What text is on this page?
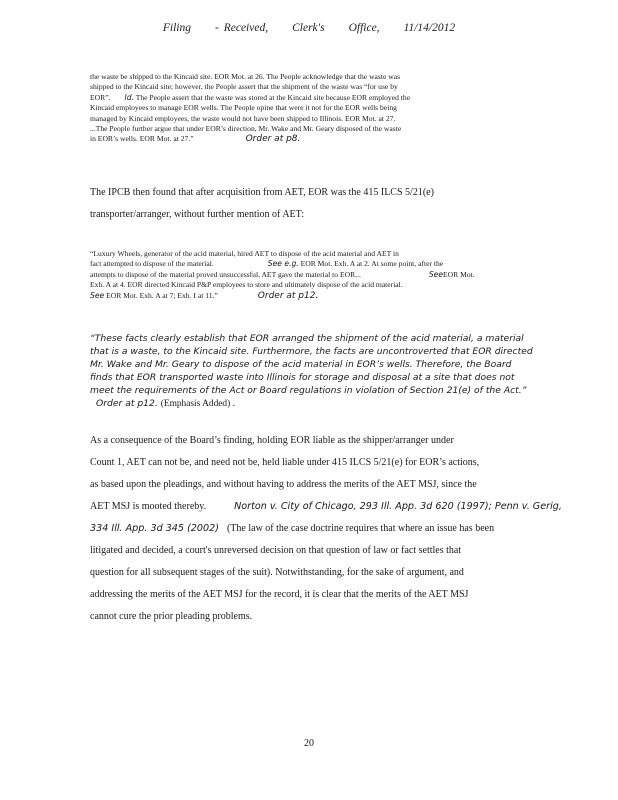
Filing - Received, Clerk's Office, 11/14/2012
the waste be shipped to the Kincaid site. EOR Mot. at 26. The People acknowledge that the waste was
shipped to the Kincaid site; however, the People assert that the shipment of the waste was “for use by
EOR”. Id. The People assert that the waste was stored at the Kincaid site because EOR employed the
Kincaid employees to manage EOR wells. The People opine that were it not for the EOR wells being
managed by Kincaid employees, the waste would not have been shipped to Illinois. EOR Mot. at 27.
...The People further argue that under EOR’s direction, Mr. Wake and Mr. Geary disposed of the waste
in EOR’s wells. EOR Mot. at 27.”	Order at p8.
The IPCB then found that after acquisition from AET, EOR was the 415 ILCS 5/21(e)
transporter/arranger, without further mention of AET:
“Luxury Wheels, generator of the acid material, hired AET to dispose of the acid material and AET in
fact attempted to dispose of the material.	See e.g. EOR Mot. Exh. A at 2. At some point, after the
attempts to dispose of the material proved unsuccessful, AET gave the material to EOR...	SeeEOR Mot.
Exh. A at 4. EOR directed Kincaid P&P employees to store and ultimately dispose of the acid material.
See EOR Mot. Exh. A at 7; Exh. I at 11.”	Order at p12.
“These facts clearly establish that EOR arranged the shipment of the acid material, a material
that is a waste, to the Kincaid site. Furthermore, the facts are uncontroverted that EOR directed
Mr. Wake and Mr. Geary to dispose of the acid material in EOR’s wells. Therefore, the Board
finds that EOR transported waste into Illinois for storage and disposal at a site that does not
meet the requirements of the Act or Board regulations in violation of Section 21(e) of the Act.”
Order at p12. (Emphasis Added) .
As a consequence of the Board’s finding, holding EOR liable as the shipper/arranger under
Count 1, AET can not be, and need not be, held liable under 415 ILCS 5/21(e) for EOR’s actions,
as based upon the pleadings, and without having to address the merits of the AET MSJ, since the
AET MSJ is mooted thereby.	Norton v. City of Chicago, 293 Ill. App. 3d 620 (1997); Penn v. Gerig,
334 Ill. App. 3d 345 (2002) (The law of the case doctrine requires that where an issue has been
litigated and decided, a court's unreversed decision on that question of law or fact settles that
question for all subsequent stages of the suit). Notwithstanding, for the sake of argument, and
addressing the merits of the AET MSJ for the record, it is clear that the merits of the AET MSJ
cannot cure the prior pleading problems.
20
